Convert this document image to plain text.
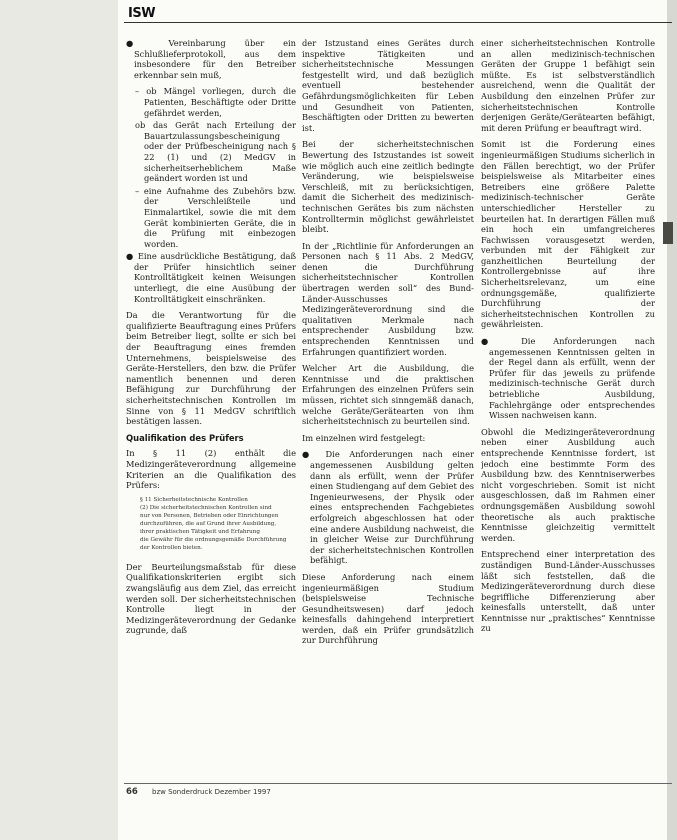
ISW

● Vereinbarung über ein Schlußlieferprotokoll, aus dem insbesondere für den Betreiber erkennbar sein muß,

– ob Mängel vorliegen, durch die Patienten, Beschäftigte oder Dritte gefährdet werden,

ob das Gerät nach Erteilung der Bauartzulassungsbescheinigung oder der Prüfbescheinigung nach § 22 (1) und (2) MedGV in sicherheitserheblichem Maße geändert worden ist und

– eine Aufnahme des Zubehörs bzw. der Verschleißteile und Einmalartikel, sowie die mit dem Gerät kombinierten Geräte, die in die Prüfung mit einbezogen worden.

● Eine ausdrückliche Bestätigung, daß der Prüfer hinsichtlich seiner Kontrolltätigkeit keinen Weisungen unterliegt, die eine Ausübung der Kontrolltätigkeit einschränken.

Da die Verantwortung für die qualifizierte Beauftragung eines Prüfers beim Betreiber liegt, sollte er sich bei der Beauftragung eines fremden Unternehmens, beispielsweise des Geräte-Herstellers, den bzw. die Prüfer namentlich benennen und deren Befähigung zur Durchführung der sicherheitstechnischen Kontrollen im Sinne von § 11 MedGV schriftlich bestätigen lassen.

Qualifikation des Prüfers

In § 11 (2) enthält die Medizingeräteverordnung allgemeine Kriterien an die Qualifikation des Prüfers:

§ 11 Sicherheitstechnische Kontrollen
(2) Die sicherheitstechnischen Kontrollen sind
nur von Personen, Betrieben oder Einrichtungen
durchzuführen, die auf Grund ihrer Ausbildung,
ihrer praktischen Tätigkeit und Erfahrung
die Gewähr für die ordnungsgemäße Durchführung
der Kontrollen bieten.

Der Beurteilungsmaßstab für diese Qualifikationskriterien ergibt sich zwangsläufig aus dem Ziel, das erreicht werden soll. Der sicherheitstechnischen Kontrolle liegt in der Medizingeräteverordnung der Gedanke zugrunde, daß

der Istzustand eines Gerätes durch inspektive Tätigkeiten und sicherheitstechnische Messungen festgestellt wird, und daß bezüglich eventuell bestehender Gefährdungsmöglichkeiten für Leben und Gesundheit von Patienten, Beschäftigten oder Dritten zu bewerten ist.

Bei der sicherheitstechnischen Bewertung des Istzustandes ist soweit wie möglich auch eine zeitlich bedingte Veränderung, wie beispielsweise Verschleiß, mit zu berücksichtigen, damit die Sicherheit des medizinisch-technischen Gerätes bis zum nächsten Kontrolltermin möglichst gewährleistet bleibt.

In der „Richtlinie für Anforderungen an Personen nach § 11 Abs. 2 MedGV, denen die Durchführung sicherheitstechnischer Kontrollen übertragen werden soll“ des Bund-Länder-Ausschusses Medizingeräteverordnung sind die qualitativen Merkmale nach entsprechender Ausbildung bzw. entsprechenden Kenntnissen und Erfahrungen quantifiziert worden.

Welcher Art die Ausbildung, die Kenntnisse und die praktischen Erfahrungen des einzelnen Prüfers sein müssen, richtet sich sinngemäß danach, welche Geräte/Gerätearten von ihm sicherheitstechnisch zu beurteilen sind.

Im einzelnen wird festgelegt:

● Die Anforderungen nach einer angemessenen Ausbildung gelten dann als erfüllt, wenn der Prüfer einen Studiengang auf dem Gebiet des Ingenieurwesens, der Physik oder eines entsprechenden Fachgebietes erfolgreich abgeschlossen hat oder eine andere Ausbildung nachweist, die in gleicher Weise zur Durchführung der sicherheitstechnischen Kontrollen befähigt.

Diese Anforderung nach einem ingenieurmäßigen Studium (beispielsweise Technische Gesundheitswesen) darf jedoch keinesfalls dahingehend interpretiert werden, daß ein Prüfer grundsätzlich zur Durchführung

einer sicherheitstechnischen Kontrolle an allen medizinisch-technischen Geräten der Gruppe 1 befähigt sein müßte. Es ist selbstverständlich ausreichend, wenn die Qualität der Ausbildung den einzelnen Prüfer zur sicherheitstechnischen Kontrolle derjenigen Geräte/Gerätearten befähigt, mit deren Prüfung er beauftragt wird.

Somit ist die Forderung eines ingenieurmäßigen Studiums sicherlich in den Fällen berechtigt, wo der Prüfer beispielsweise als Mitarbeiter eines Betreibers eine größere Palette medizinisch-technischer Geräte unterschiedlicher Hersteller zu beurteilen hat. In derartigen Fällen muß ein hoch ein umfangreicheres Fachwissen vorausgesetzt werden, verbunden mit der Fähigkeit zur ganzheitlichen Beurteilung der Kontrollergebnisse auf ihre Sicherheitsrelevanz, um eine ordnungsgemäße, qualifizierte Durchführung der sicherheitstechnischen Kontrollen zu gewährleisten.

● Die Anforderungen nach angemessenen Kenntnissen gelten in der Regel dann als erfüllt, wenn der Prüfer für das jeweils zu prüfende medizinisch-technische Gerät durch betriebliche Ausbildung, Fachlehrgänge oder entsprechendes Wissen nachweisen kann.

Obwohl die Medizingeräteverordnung neben einer Ausbildung auch entsprechende Kenntnisse fordert, ist jedoch eine bestimmte Form des Ausbildung bzw. des Kenntniserwerbes nicht vorgeschrieben. Somit ist nicht ausgeschlossen, daß im Rahmen einer ordnungsgemäßen Ausbildung sowohl theoretische als auch praktische Kenntnisse gleichzeitig vermittelt werden.

Entsprechend einer interpretation des zuständigen Bund-Länder-Ausschusses läßt sich feststellen, daß die Medizingeräteverordnung durch diese begriffliche Differenzierung aber keinesfalls unterstellt, daß unter Kenntnisse nur „praktisches“ Kenntnisse zu

66 bzw Sonderdruck Dezember 1997
